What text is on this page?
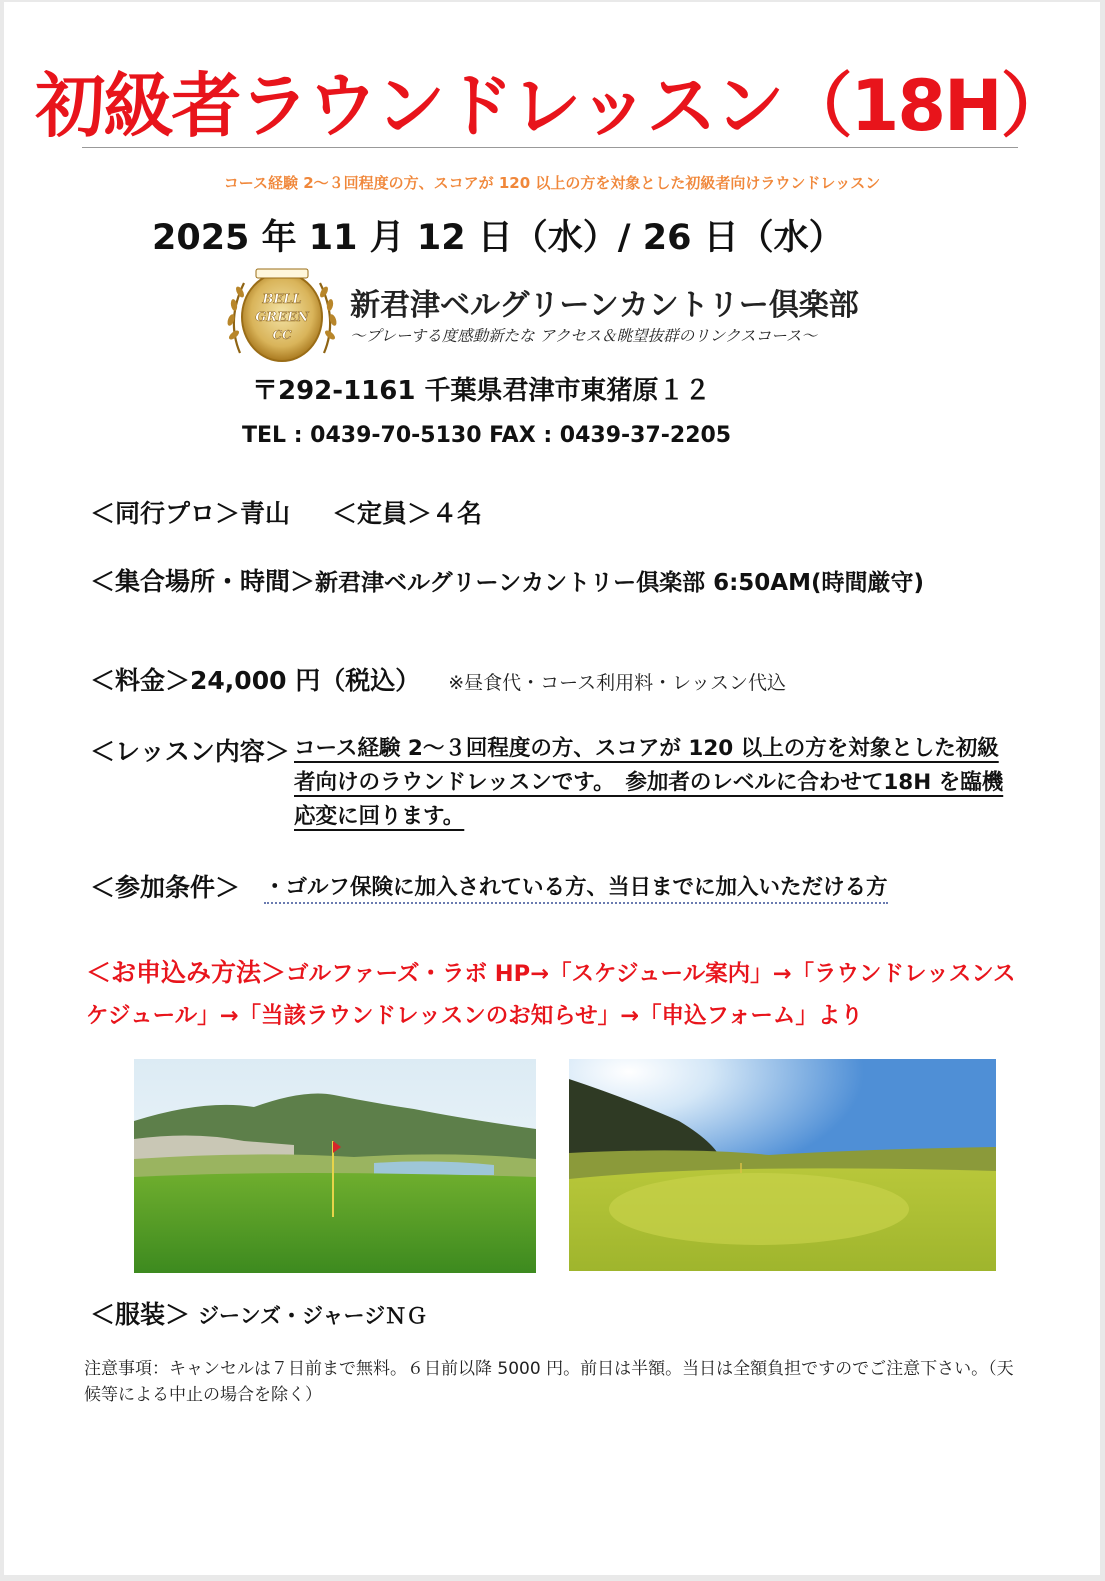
初級者ラウンドレッスン（18H）
コース経験 2～３回程度の方、スコアが 120 以上の方を対象とした初級者向けラウンドレッスン
2025 年 11 月 12 日（水）/ 26 日（水）
BELL
GREEN
CC
新君津ベルグリーンカントリー倶楽部
～プレーする度感動新たな アクセス＆眺望抜群のリンクスコース～
〒292-1161 千葉県君津市東猪原１２
TEL : 0439-70-5130 FAX : 0439-37-2205
＜同行プロ＞青山 ＜定員＞４名
＜集合場所・時間＞新君津ベルグリーンカントリー倶楽部 6:50AM(時間厳守)
＜料金＞24,000 円（税込） ※昼食代・コース利用料・レッスン代込
＜レッスン内容＞ コース経験 2～３回程度の方、スコアが 120 以上の方を対象とした初級者向けのラウンドレッスンです。　参加者のレベルに合わせて18H を臨機応変に回ります。
＜参加条件＞ ・ゴルフ保険に加入されている方、当日までに加入いただける方
＜お申込み方法＞ゴルファーズ・ラボ HP→「スケジュール案内」→「ラウンドレッスンスケジュール」→「当該ラウンドレッスンのお知らせ」→「申込フォーム」より
＜服装＞ ジーンズ・ジャージＮＧ
注意事項：キャンセルは７日前まで無料。６日前以降 5000 円。前日は半額。当日は全額負担ですのでご注意下さい。（天候等による中止の場合を除く）
